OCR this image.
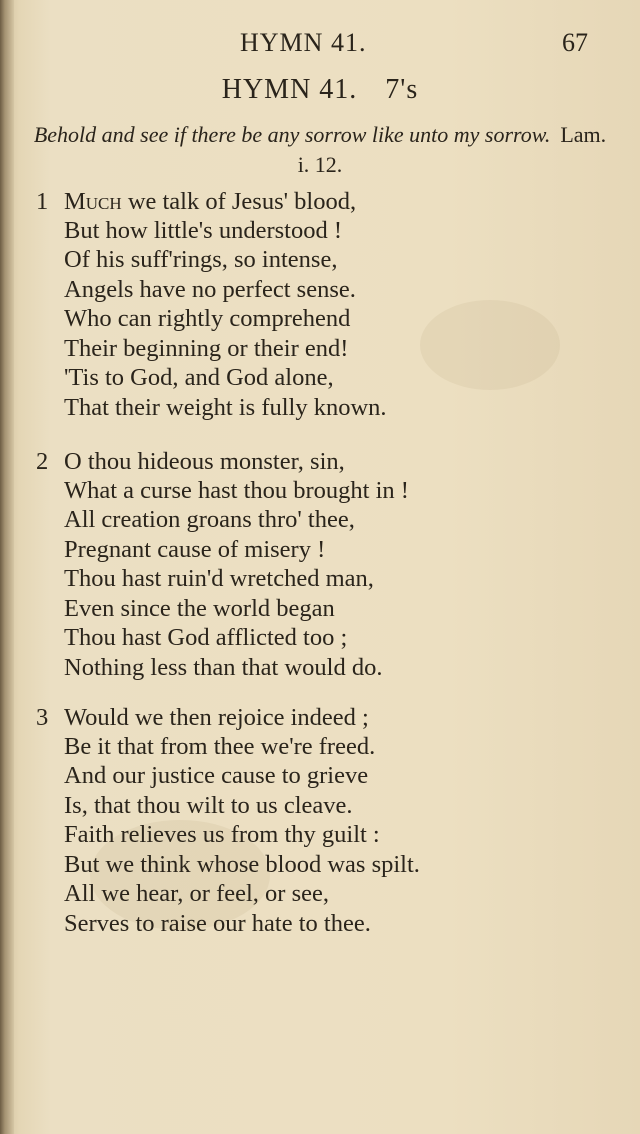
HYMN 41.	67
HYMN 41. 7's
Behold and see if there be any sorrow like unto my sorrow. Lam. i. 12.
1 Much we talk of Jesus' blood,
But how little's understood !
Of his suff'rings, so intense,
Angels have no perfect sense.
Who can rightly comprehend
Their beginning or their end!
'Tis to God, and God alone,
That their weight is fully known.
2 O thou hideous monster, sin,
What a curse hast thou brought in !
All creation groans thro' thee,
Pregnant cause of misery !
Thou hast ruin'd wretched man,
Even since the world began
Thou hast God afflicted too ;
Nothing less than that would do.
3 Would we then rejoice indeed ;
Be it that from thee we're freed.
And our justice cause to grieve
Is, that thou wilt to us cleave.
Faith relieves us from thy guilt :
But we think whose blood was spilt.
All we hear, or feel, or see,
Serves to raise our hate to thee.
